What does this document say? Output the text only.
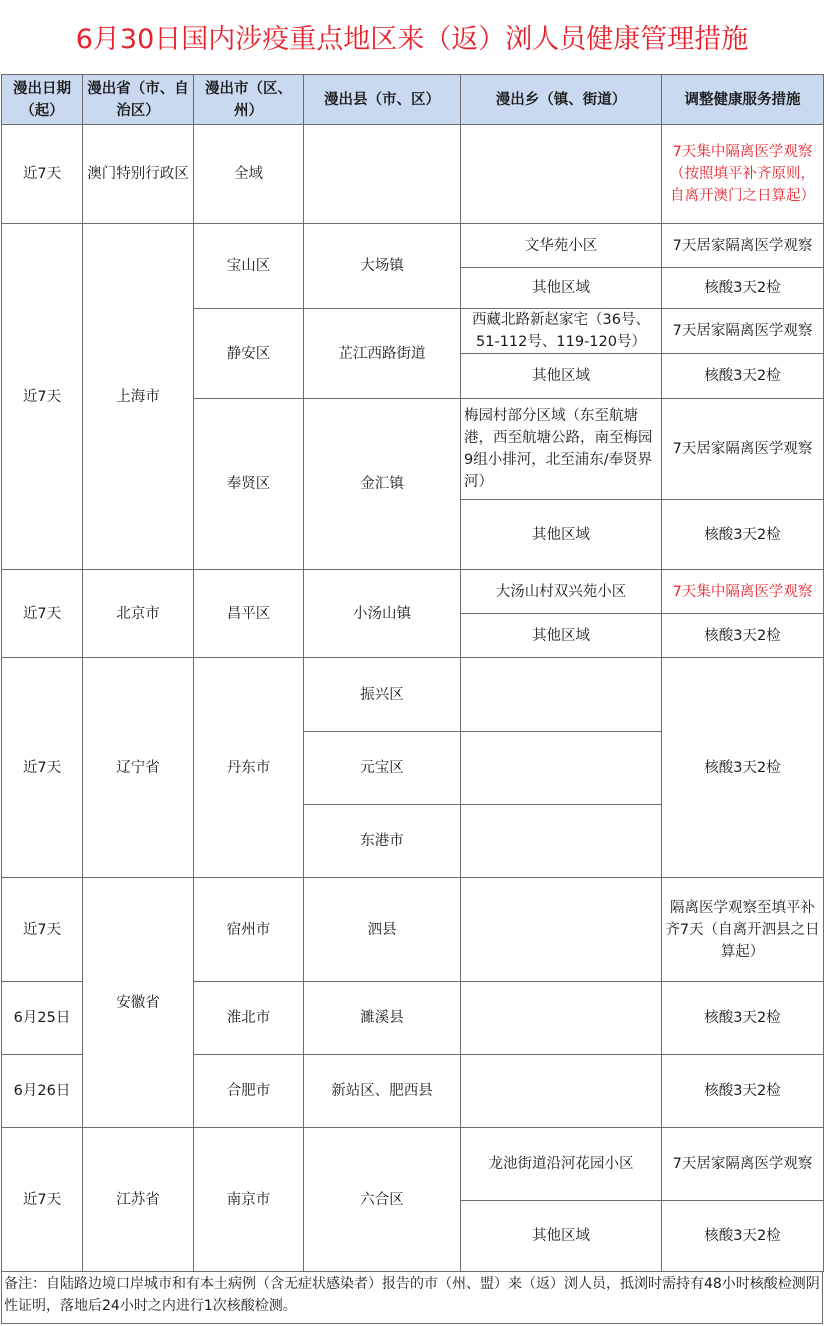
6月30日国内涉疫重点地区来（返）浏人员健康管理措施
漫出日期（起）	漫出省（市、自治区）	漫出市（区、州）	漫出县（市、区）	漫出乡（镇、街道）	调整健康服务措施
近7天	澳门特别行政区	全域			7天集中隔离医学观察（按照填平补齐原则，自离开澳门之日算起）
近7天	上海市	宝山区	大场镇	文华苑小区	7天居家隔离医学观察
				其他区域	核酸3天2检
		静安区	芷江西路街道	西藏北路新赵家宅（36号、51-112号、119-120号）	7天居家隔离医学观察
				其他区域	核酸3天2检
		奉贤区	金汇镇	梅园村部分区域（东至航塘港，西至航塘公路，南至梅园9组小排河，北至浦东/奉贤界河）	7天居家隔离医学观察
				其他区域	核酸3天2检
近7天	北京市	昌平区	小汤山镇	大汤山村双兴苑小区	7天集中隔离医学观察
				其他区域	核酸3天2检
近7天	辽宁省	丹东市	振兴区		核酸3天2检
			元宝区		
			东港市		
近7天	安徽省	宿州市	泗县		隔离医学观察至填平补齐7天（自离开泗县之日算起）
6月25日		淮北市	濉溪县		核酸3天2检
6月26日		合肥市	新站区、肥西县		核酸3天2检
近7天	江苏省	南京市	六合区	龙池街道沿河花园小区	7天居家隔离医学观察
				其他区域	核酸3天2检
备注：自陆路边境口岸城市和有本土病例（含无症状感染者）报告的市（州、盟）来（返）浏人员，抵浏时需持有48小时核酸检测阴性证明，落地后24小时之内进行1次核酸检测。
